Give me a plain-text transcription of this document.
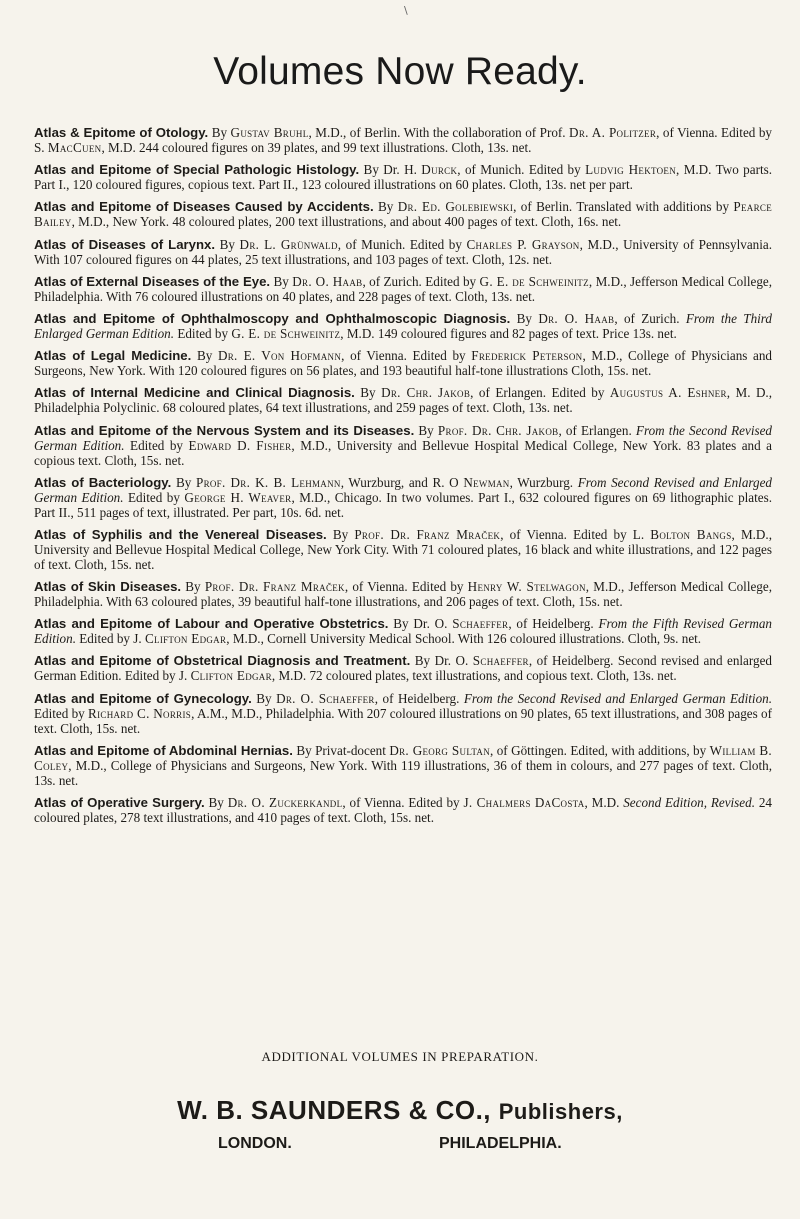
\
Volumes Now Ready.

Atlas & Epitome of Otology. By Gustav Bruhl, M.D., of Berlin. With the collaboration of Prof. Dr. A. Politzer, of Vienna. Edited by S. MacCuen, M.D. 244 coloured figures on 39 plates, and 99 text illustrations. Cloth, 13s. net.

Atlas and Epitome of Special Pathologic Histology. By Dr. H. Durck, of Munich. Edited by Ludvig Hektoen, M.D. Two parts. Part I., 120 coloured figures, copious text. Part II., 123 coloured illustrations on 60 plates. Cloth, 13s. net per part.

Atlas and Epitome of Diseases Caused by Accidents. By Dr. Ed. Golebiewski, of Berlin. Translated with additions by Pearce Bailey, M.D., New York. 48 coloured plates, 200 text illustrations, and about 400 pages of text. Cloth, 16s. net.

Atlas of Diseases of Larynx. By Dr. L. Grünwald, of Munich. Edited by Charles P. Grayson, M.D., University of Pennsylvania. With 107 coloured figures on 44 plates, 25 text illustrations, and 103 pages of text. Cloth, 12s. net.

Atlas of External Diseases of the Eye. By Dr. O. Haab, of Zurich. Edited by G. E. de Schweinitz, M.D., Jefferson Medical College, Philadelphia. With 76 coloured illustrations on 40 plates, and 228 pages of text. Cloth, 13s. net.

Atlas and Epitome of Ophthalmoscopy and Ophthalmoscopic Diagnosis. By Dr. O. Haab, of Zurich. From the Third Enlarged German Edition. Edited by G. E. de Schweinitz, M.D. 149 coloured figures and 82 pages of text. Price 13s. net.

Atlas of Legal Medicine. By Dr. E. Von Hofmann, of Vienna. Edited by Frederick Peterson, M.D., College of Physicians and Surgeons, New York. With 120 coloured figures on 56 plates, and 193 beautiful half-tone illustrations Cloth, 15s. net.

Atlas of Internal Medicine and Clinical Diagnosis. By Dr. Chr. Jakob, of Erlangen. Edited by Augustus A. Eshner, M. D., Philadelphia Polyclinic. 68 coloured plates, 64 text illustrations, and 259 pages of text. Cloth, 13s. net.

Atlas and Epitome of the Nervous System and its Diseases. By Prof. Dr. Chr. Jakob, of Erlangen. From the Second Revised German Edition. Edited by Edward D. Fisher, M.D., University and Bellevue Hospital Medical College, New York. 83 plates and a copious text. Cloth, 15s. net.

Atlas of Bacteriology. By Prof. Dr. K. B. Lehmann, Wurzburg, and R. O Newman, Wurzburg. From Second Revised and Enlarged German Edition. Edited by George H. Weaver, M.D., Chicago. In two volumes. Part I., 632 coloured figures on 69 lithographic plates. Part II., 511 pages of text, illustrated. Per part, 10s. 6d. net.

Atlas of Syphilis and the Venereal Diseases. By Prof. Dr. Franz Mraček, of Vienna. Edited by L. Bolton Bangs, M.D., University and Bellevue Hospital Medical College, New York City. With 71 coloured plates, 16 black and white illustrations, and 122 pages of text. Cloth, 15s. net.

Atlas of Skin Diseases. By Prof. Dr. Franz Mraček, of Vienna. Edited by Henry W. Stelwagon, M.D., Jefferson Medical College, Philadelphia. With 63 coloured plates, 39 beautiful half-tone illustrations, and 206 pages of text. Cloth, 15s. net.

Atlas and Epitome of Labour and Operative Obstetrics. By Dr. O. Schaeffer, of Heidelberg. From the Fifth Revised German Edition. Edited by J. Clifton Edgar, M.D., Cornell University Medical School. With 126 coloured illustrations. Cloth, 9s. net.

Atlas and Epitome of Obstetrical Diagnosis and Treatment. By Dr. O. Schaeffer, of Heidelberg. Second revised and enlarged German Edition. Edited by J. Clifton Edgar, M.D. 72 coloured plates, text illustrations, and copious text. Cloth, 13s. net.

Atlas and Epitome of Gynecology. By Dr. O. Schaeffer, of Heidelberg. From the Second Revised and Enlarged German Edition. Edited by Richard C. Norris, A.M., M.D., Philadelphia. With 207 coloured illustrations on 90 plates, 65 text illustrations, and 308 pages of text. Cloth, 15s. net.

Atlas and Epitome of Abdominal Hernias. By Privat-docent Dr. Georg Sultan, of Göttingen. Edited, with additions, by William B. Coley, M.D., College of Physicians and Surgeons, New York. With 119 illustrations, 36 of them in colours, and 277 pages of text. Cloth, 13s. net.

Atlas of Operative Surgery. By Dr. O. Zuckerkandl, of Vienna. Edited by J. Chalmers DaCosta, M.D. Second Edition, Revised. 24 coloured plates, 278 text illustrations, and 410 pages of text. Cloth, 15s. net.

ADDITIONAL VOLUMES IN PREPARATION.
W. B. SAUNDERS & CO., Publishers,
LONDON.	PHILADELPHIA.
